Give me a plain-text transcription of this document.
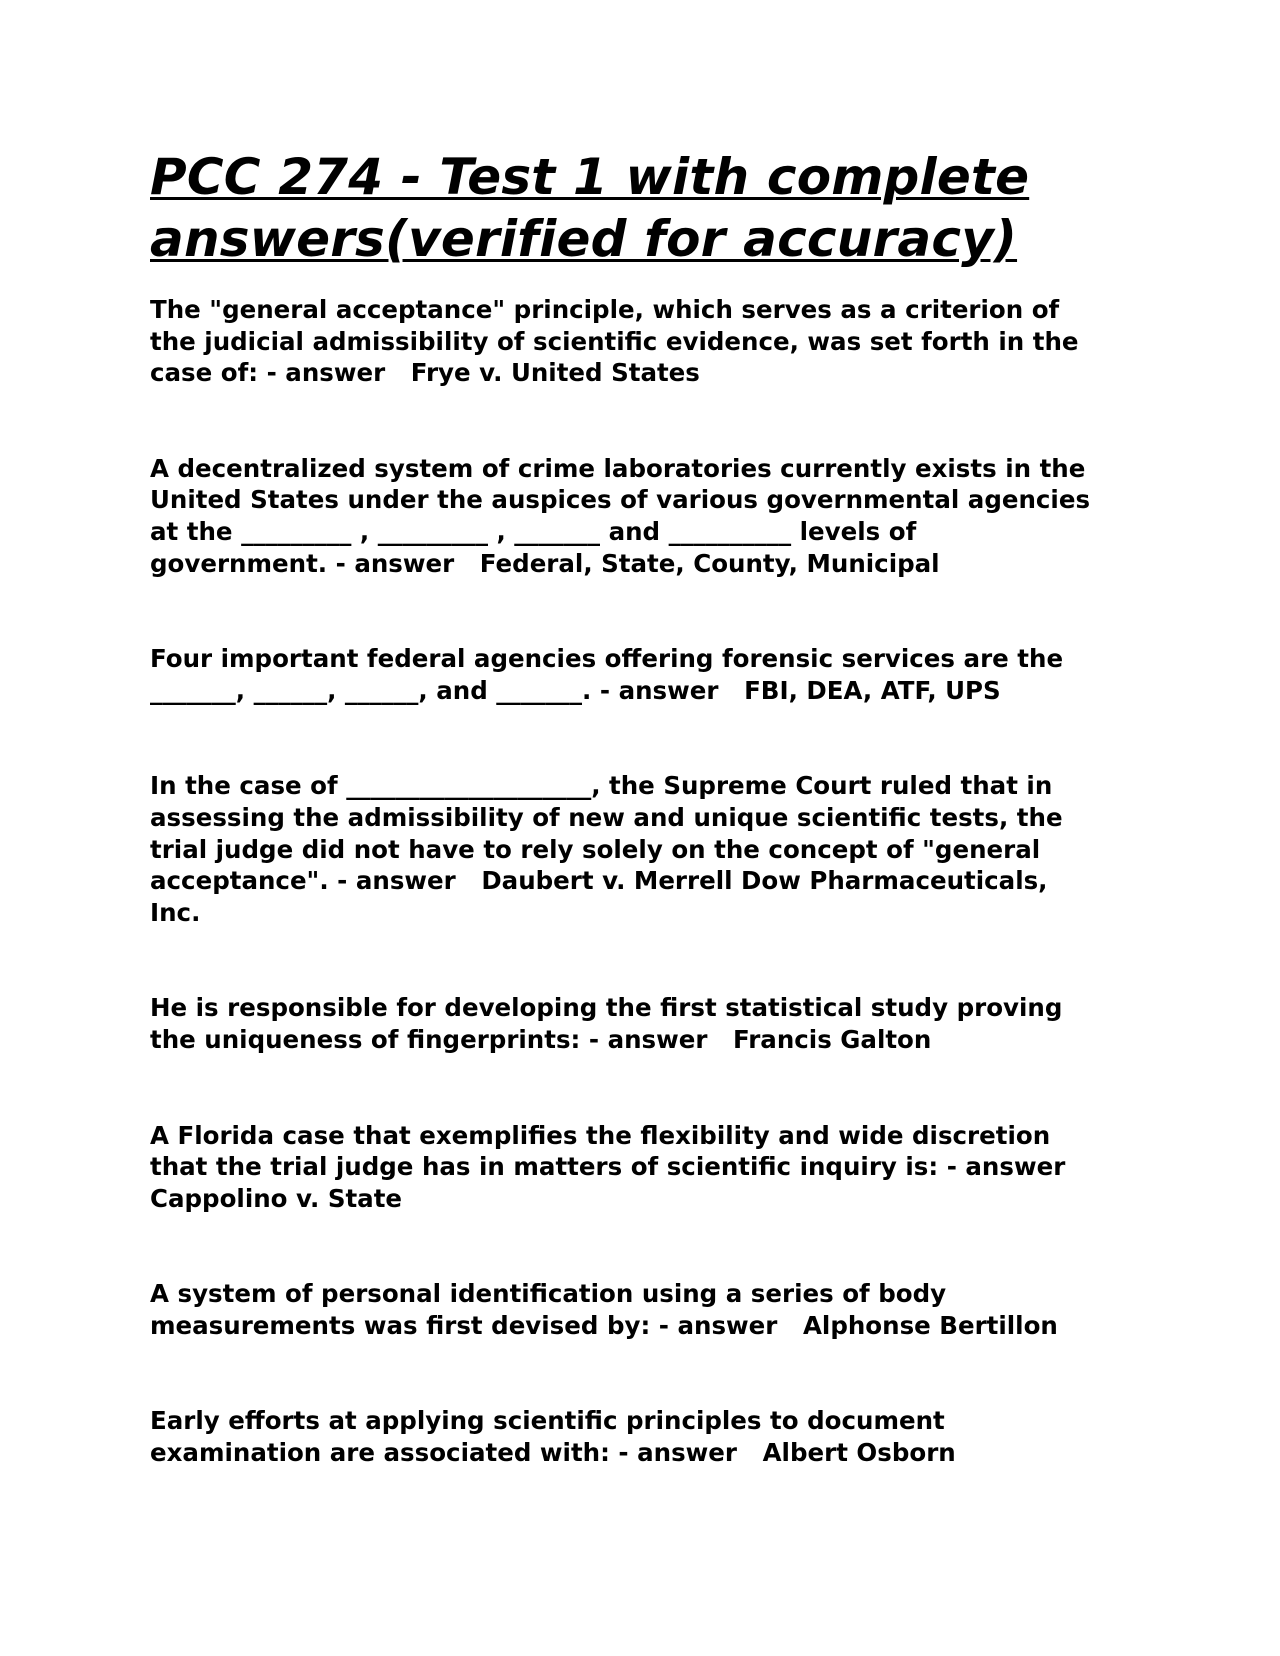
PCC 274 - Test 1 with complete
answers(verified for accuracy)

The "general acceptance" principle, which serves as a criterion of
the judicial admissibility of scientific evidence, was set forth in the
case of: - answer   Frye v. United States

A decentralized system of crime laboratories currently exists in the
United States under the auspices of various governmental agencies
at the _________ , _________ , _______ and __________ levels of
government. - answer   Federal, State, County, Municipal

Four important federal agencies offering forensic services are the
_______, ______, ______, and _______. - answer   FBI, DEA, ATF, UPS

In the case of ____________________, the Supreme Court ruled that in
assessing the admissibility of new and unique scientific tests, the
trial judge did not have to rely solely on the concept of "general
acceptance". - answer   Daubert v. Merrell Dow Pharmaceuticals,
Inc.

He is responsible for developing the first statistical study proving
the uniqueness of fingerprints: - answer   Francis Galton

A Florida case that exemplifies the flexibility and wide discretion
that the trial judge has in matters of scientific inquiry is: - answer
Cappolino v. State

A system of personal identification using a series of body
measurements was first devised by: - answer   Alphonse Bertillon

Early efforts at applying scientific principles to document
examination are associated with: - answer   Albert Osborn
